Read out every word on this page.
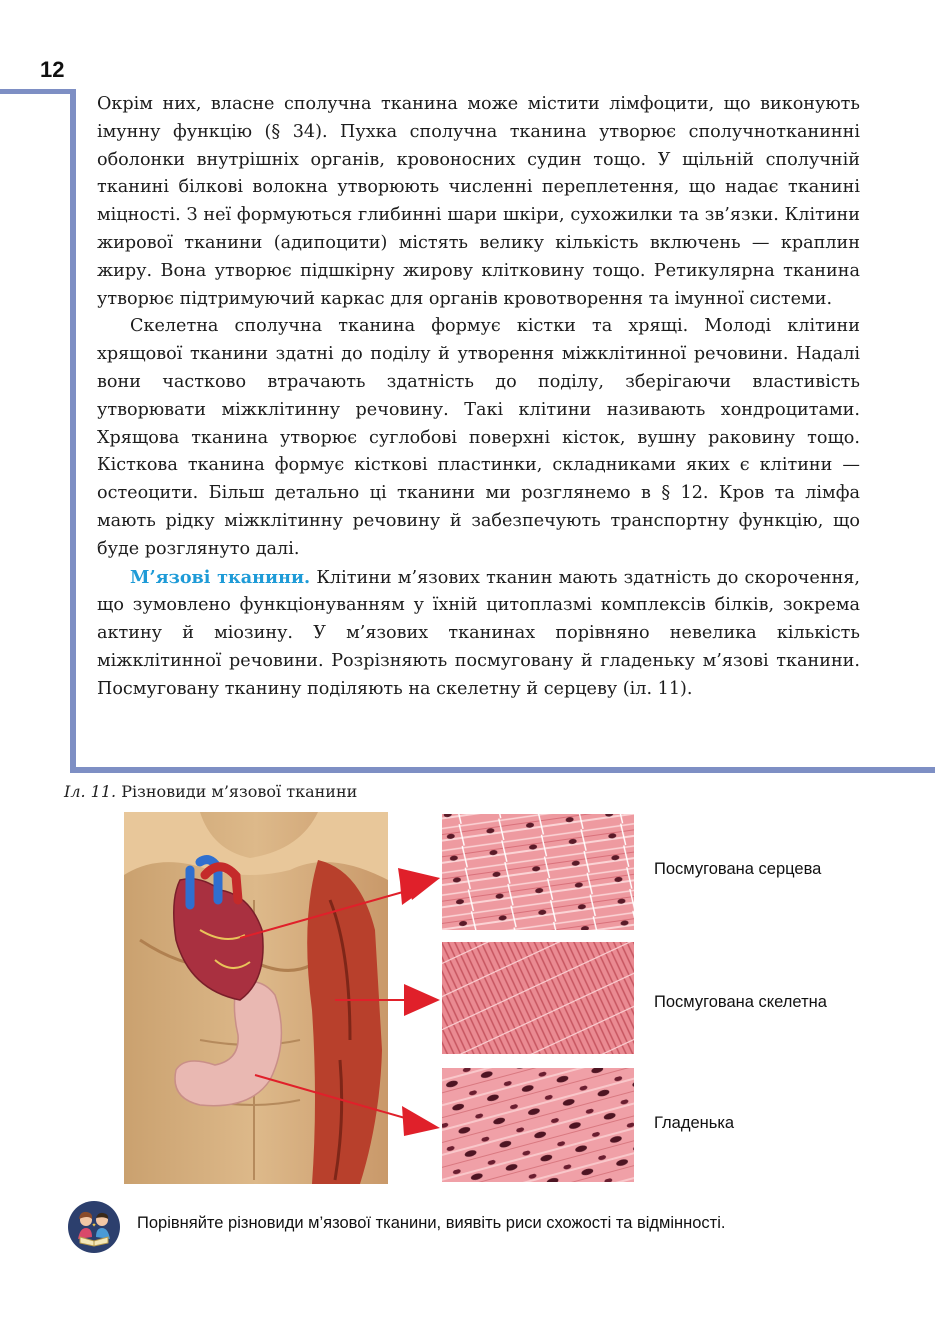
12

Окрім них, власне сполучна тканина може містити лімфоцити, що виконують імунну функцію (§ 34). Пухка сполучна тканина утворює сполучнотканинні оболонки внутрішніх органів, кровоносних судин тощо. У щільній сполучній тканині білкові волокна утворюють численні переплетення, що надає тканині міцності. З неї формуються глибинні шари шкіри, сухожилки та зв’язки. Клітини жирової тканини (адипоцити) містять велику кількість включень — краплин жиру. Вона утворює підшкірну жирову клітковину тощо. Ретикулярна тканина утворює підтримуючий каркас для органів кровотворення та імунної системи.

Скелетна сполучна тканина формує кістки та хрящі. Молоді клітини хрящової тканини здатні до поділу й утворення міжклітинної речовини. Надалі вони частково втрачають здатність до поділу, зберігаючи властивість утворювати міжклітинну речовину. Такі клітини називають хондроцитами. Хрящова тканина утворює суглобові поверхні кісток, вушну раковину тощо. Кісткова тканина формує кісткові пластинки, складниками яких є клітини — остеоцити. Більш детально ці тканини ми розглянемо в § 12. Кров та лімфа мають рідку міжклітинну речовину й забезпечують транспортну функцію, що буде розглянуто далі.

М’язові тканини. Клітини м’язових тканин мають здатність до скорочення, що зумовлено функціонуванням у їхній цитоплазмі комплексів білків, зокрема актину й міозину. У м’язових тканинах порівняно невелика кількість міжклітинної речовини. Розрізняють посмуговану й гладеньку м’язові тканини. Посмуговану тканину поділяють на скелетну й серцеву (іл. 11).

Іл. 11. Різновиди м’язової тканини
Посмугована серцева
Посмугована скелетна
Гладенька
✦ Порівняйте різновиди м’язової тканини, виявіть риси схожості та відмінності.
